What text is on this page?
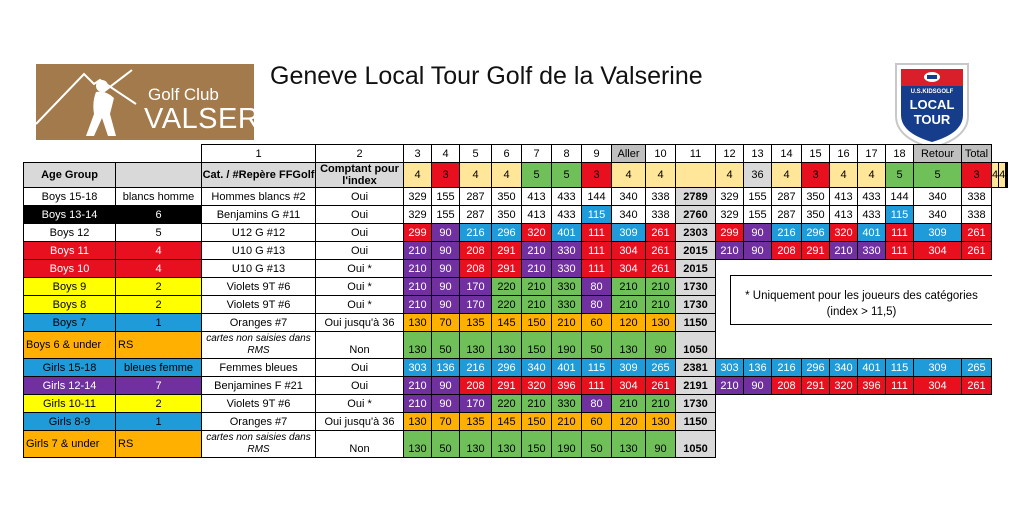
Golf Club
VALSERINE
Geneve Local Tour Golf de la Valserine
U.S.KIDSGOLF
LOCAL
TOUR
		1	2	3	4	5	6	7	8	9	Aller	10	11	12	13	14	15	16	17	18	Retour	Total			
Age Group		Cat. / #Repère FFGolf	Comptant pour l'index	4	3	4	4	5	5	3	4	4		4	36	4	3	4	4	5	5	3	4	4		
Boys 15-18	blancs homme	Hommes blancs #2	Oui	329	155	287	350	413	433	144	340	338	2789	329	155	287	350	413	433	144	340	338			
Boys 13-14	6	Benjamins G #11	Oui	329	155	287	350	413	433	115	340	338	2760	329	155	287	350	413	433	115	340	338			
Boys 12	5	U12 G #12	Oui	299	90	216	296	320	401	111	309	261	2303	299	90	216	296	320	401	111	309	261			
Boys 11	4	U10 G #13	Oui	210	90	208	291	210	330	111	304	261	2015	210	90	208	291	210	330	111	304	261			
Boys 10	4	U10 G #13	Oui *	210	90	208	291	210	330	111	304	261	2015												
Boys 9	2	Violets 9T #6	Oui *	210	90	170	220	210	330	80	210	210	1730												
Boys 8	2	Violets 9T #6	Oui *	210	90	170	220	210	330	80	210	210	1730												
Boys 7	1	Oranges #7	Oui jusqu'à 36	130	70	135	145	150	210	60	120	130	1150												
Boys 6 & under	RS	cartes non saisies dans RMS	Non	130	50	130	130	150	190	50	130	90	1050												
Girls 15-18	bleues femme	Femmes bleues	Oui	303	136	216	296	340	401	115	309	265	2381	303	136	216	296	340	401	115	309	265			
Girls 12-14	7	Benjamines F #21	Oui	210	90	208	291	320	396	111	304	261	2191	210	90	208	291	320	396	111	304	261			
Girls 10-11	2	Violets 9T #6	Oui *	210	90	170	220	210	330	80	210	210	1730												
Girls 8-9	1	Oranges #7	Oui jusqu'à 36	130	70	135	145	150	210	60	120	130	1150												
Girls 7 & under	RS	cartes non saisies dans RMS	Non	130	50	130	130	150	190	50	130	90	1050												
* Uniquement pour les joueurs des catégories
(index > 11,5)
